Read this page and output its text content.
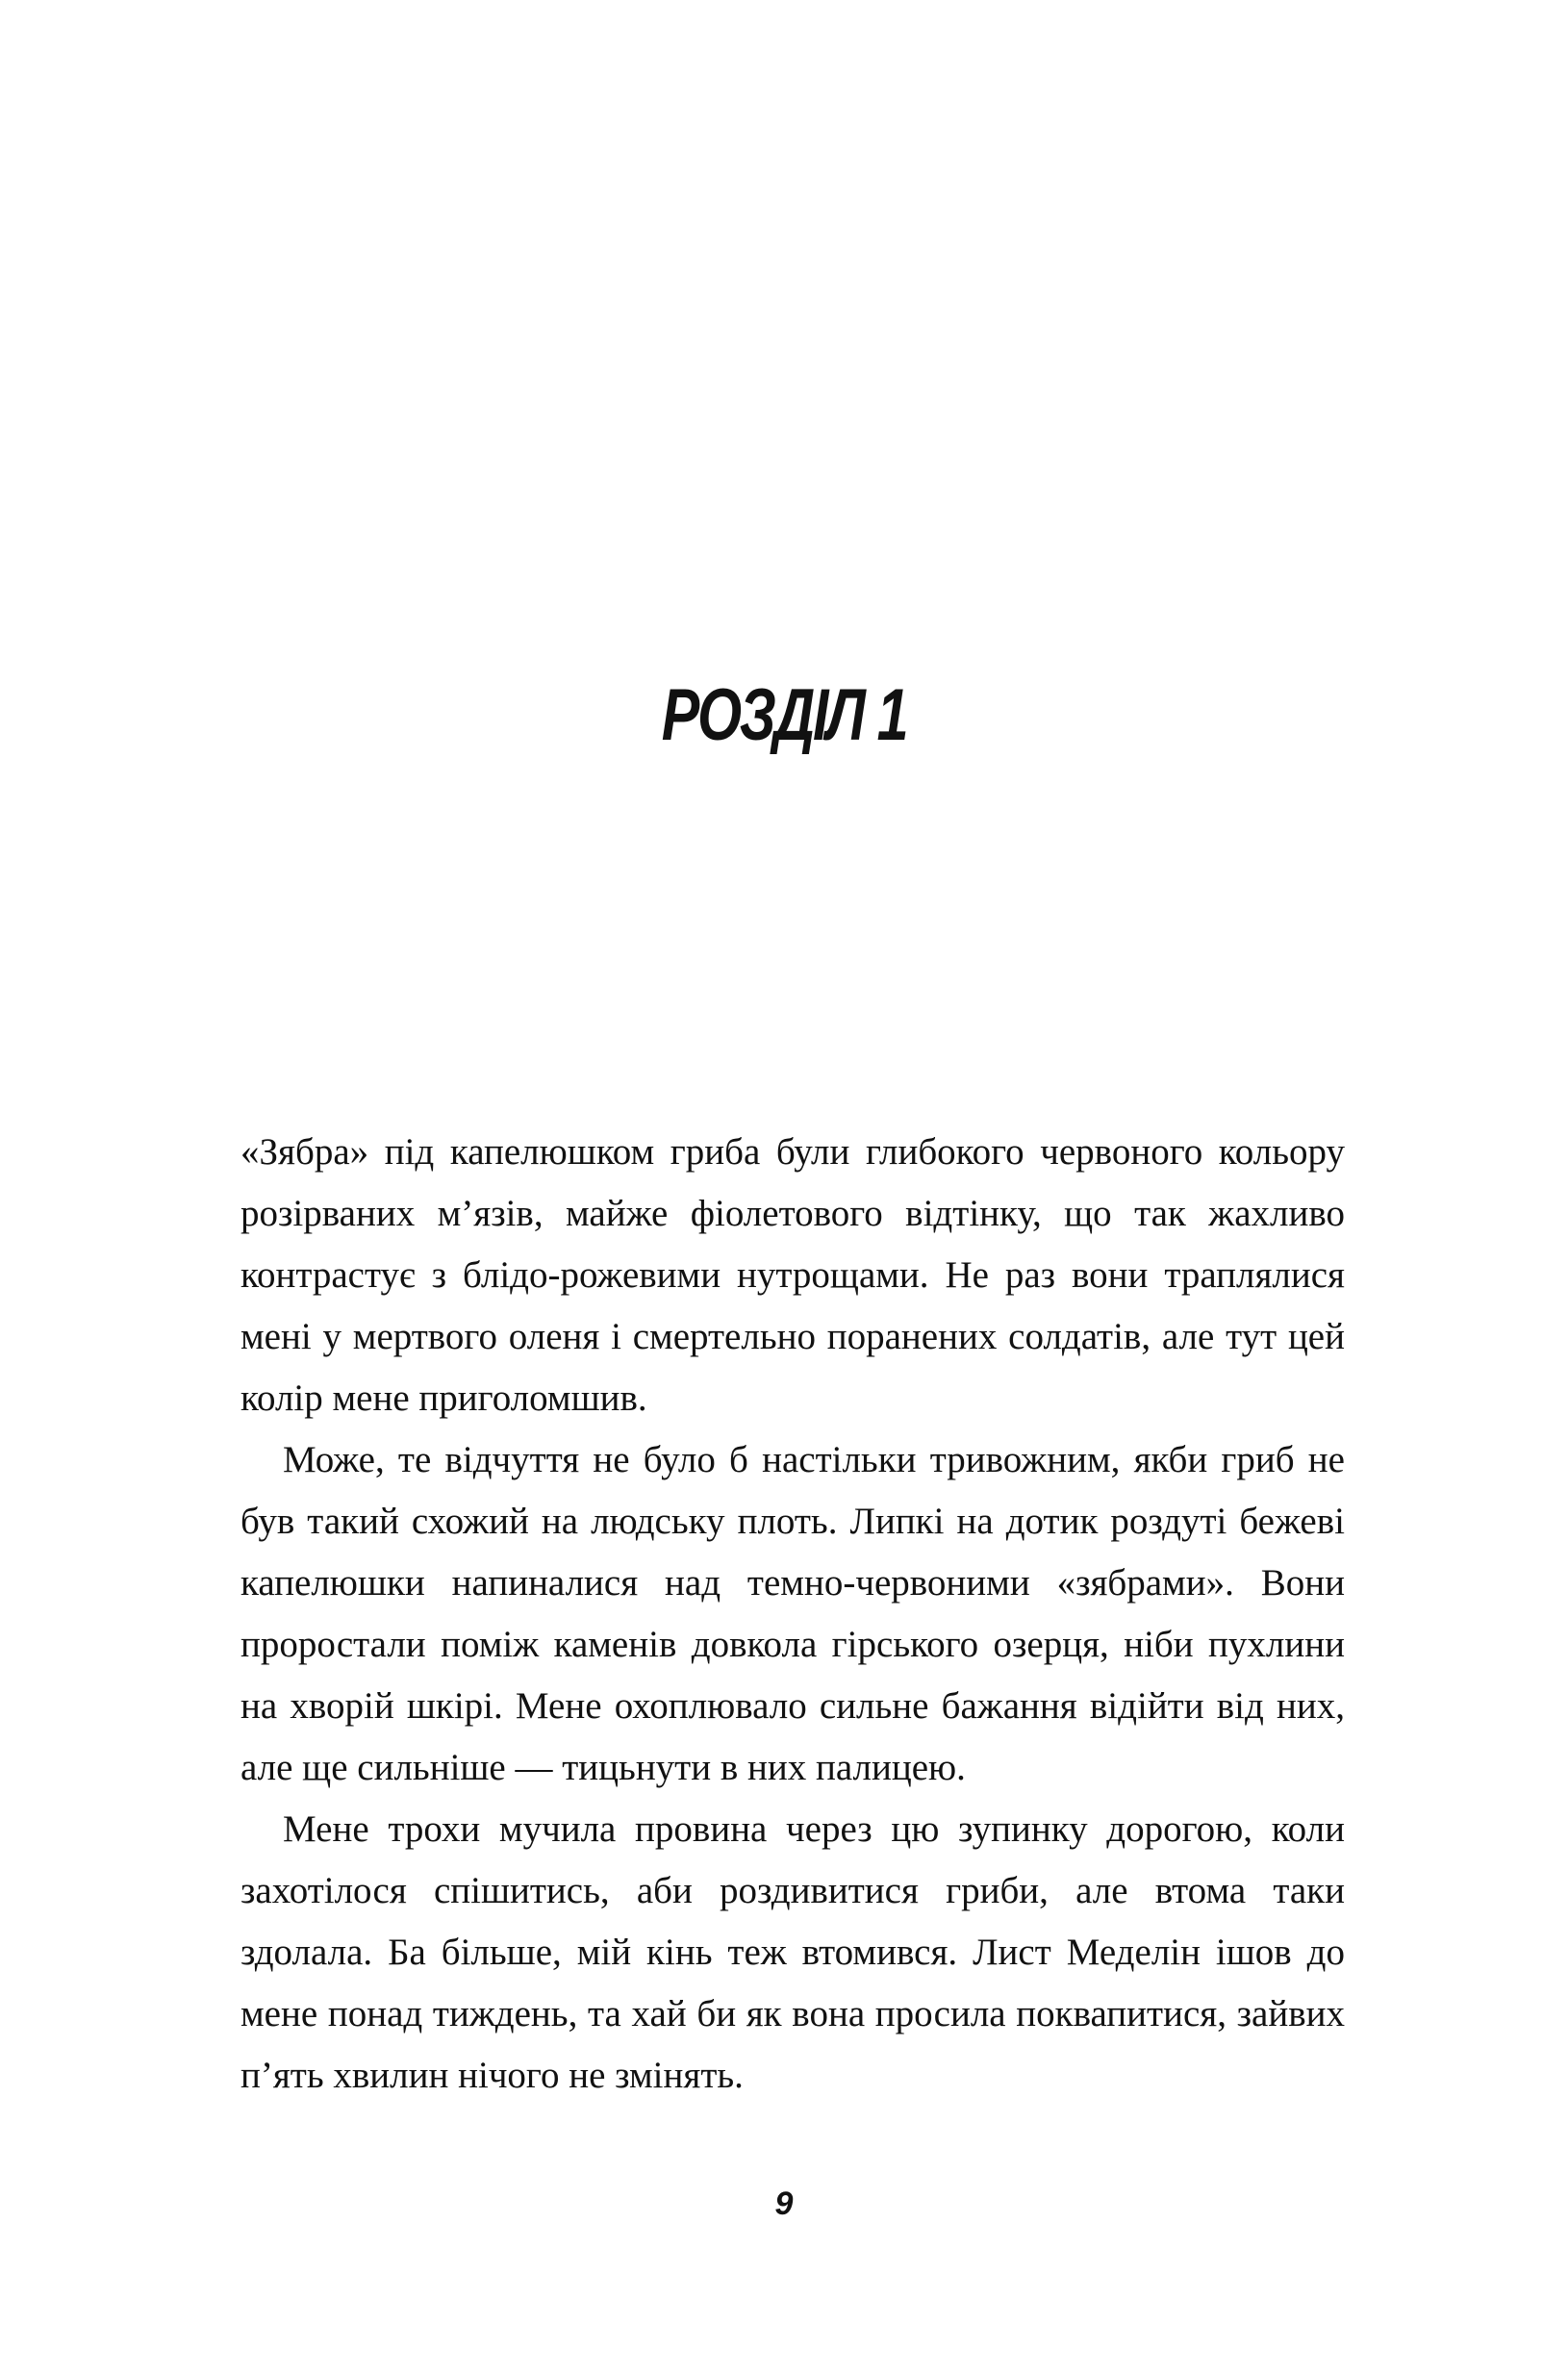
РОЗДІЛ 1

«Зябра» під капелюшком гриба були глибокого червоного кольору розірваних м’язів, майже фіолетового відтінку, що так жахливо контрастує з блідо-рожевими нутрощами. Не раз вони траплялися мені у мертвого оленя і смертельно поранених солдатів, але тут цей колір мене приголомшив.

Може, те відчуття не було б настільки тривожним, якби гриб не був такий схожий на людську плоть. Липкі на дотик роздуті бежеві капелюшки напиналися над темно-червоними «зябрами». Вони проростали поміж каменів довкола гірського озерця, ніби пухлини на хворій шкірі. Мене охоплювало сильне бажання відійти від них, але ще сильніше — тицьнути в них палицею.

Мене трохи мучила провина через цю зупинку дорогою, коли захотілося спішитись, аби роздивитися гриби, але втома таки здолала. Ба більше, мій кінь теж втомився. Лист Меделін ішов до мене понад тиждень, та хай би як вона просила поквапитися, зайвих п’ять хвилин нічого не змінять.

9
